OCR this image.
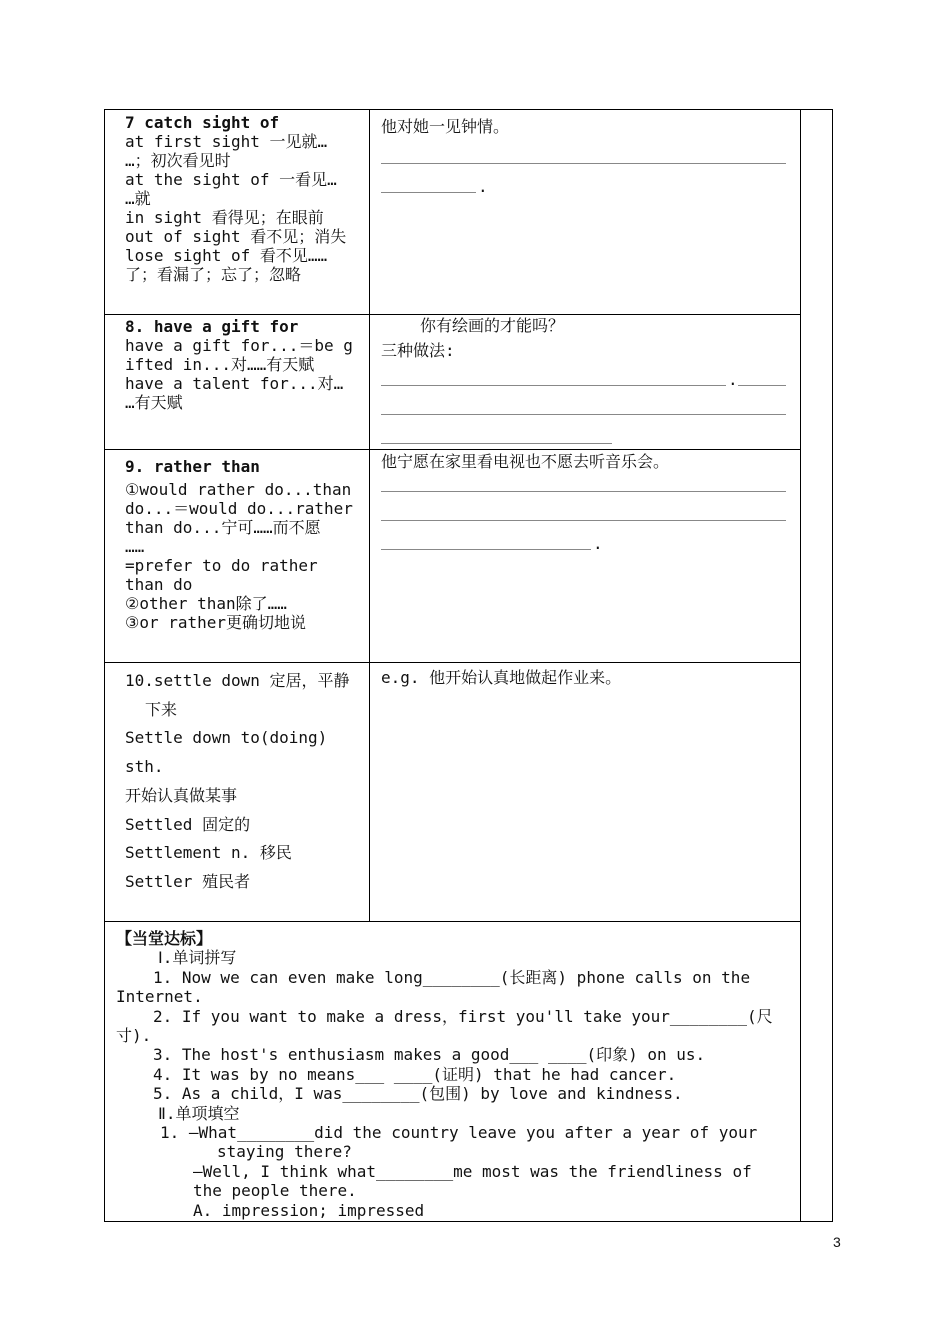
7 catch sight of
at first sight 一见就…
…；初次看见时
at the sight of 一看见…
…就
in sight 看得见；在眼前
out of sight 看不见；消失
lose sight of 看不见……
了；看漏了；忘了；忽略
他对她一见钟情。
.
8. have a gift for
have a gift for...＝be g
ifted in...对……有天赋
have a talent for...对…
…有天赋
你有绘画的才能吗？
三种做法:
.
9. rather than
①would rather do...than
do...＝would do...rather
than do...宁可……而不愿
……
=prefer to do rather
than do
②other than除了……
③or rather更确切地说
他宁愿在家里看电视也不愿去听音乐会。
.
10.settle down 定居，平静
下来
Settle down to(doing)
sth.
开始认真做某事
Settled 固定的
Settlement n. 移民
Settler 殖民者
e.g. 他开始认真地做起作业来。
【当堂达标】
Ⅰ.单词拼写
1. Now we can even make long________(长距离) phone calls on the
Internet.
2. If you want to make a dress，first you'll take your________(尺
寸).
3. The host's enthusiasm makes a good___ ____(印象) on us.
4. It was by no means___ ____(证明) that he had cancer.
5. As a child，I was________(包围) by love and kindness.
Ⅱ.单项填空
1. —What________did the country leave you after a year of your
staying there?
—Well, I think what________me most was the friendliness of
the people there.
A. impression; impressed
3
